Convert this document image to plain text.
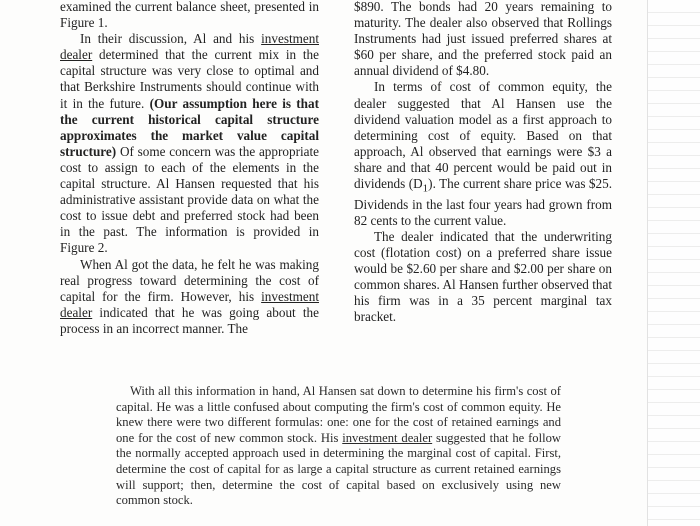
examined the current balance sheet, presented in Figure 1.

In their discussion, Al and his investment dealer determined that the current mix in the capital structure was very close to optimal and that Berkshire Instruments should continue with it in the future. (Our assumption here is that the current historical capital structure approximates the market value capital structure) Of some concern was the appropriate cost to assign to each of the elements in the capital structure. Al Hansen requested that his administrative assistant provide data on what the cost to issue debt and preferred stock had been in the past. The information is provided in Figure 2.

When Al got the data, he felt he was making real progress toward determining the cost of capital for the firm. However, his investment dealer indicated that he was going about the process in an incorrect manner. The

$890. The bonds had 20 years remaining to maturity. The dealer also observed that Rollings Instruments had just issued preferred shares at $60 per share, and the preferred stock paid an annual dividend of $4.80.

In terms of cost of common equity, the dealer suggested that Al Hansen use the dividend valuation model as a first approach to determining cost of equity. Based on that approach, Al observed that earnings were $3 a share and that 40 percent would be paid out in dividends $(D_1)$. The current share price was $25. Dividends in the last four years had grown from 82 cents to the current value.

The dealer indicated that the underwriting cost (flotation cost) on a preferred share issue would be $2.60 per share and $2.00 per share on common shares. Al Hansen further observed that his firm was in a 35 percent marginal tax bracket.

With all this information in hand, Al Hansen sat down to determine his firm's cost of capital. He was a little confused about computing the firm's cost of common equity. He knew there were two different formulas: one: one for the cost of retained earnings and one for the cost of new common stock. His investment dealer suggested that he follow the normally accepted approach used in determining the marginal cost of capital. First, determine the cost of capital for as large a capital structure as current retained earnings will support; then, determine the cost of capital based on exclusively using new common stock.
